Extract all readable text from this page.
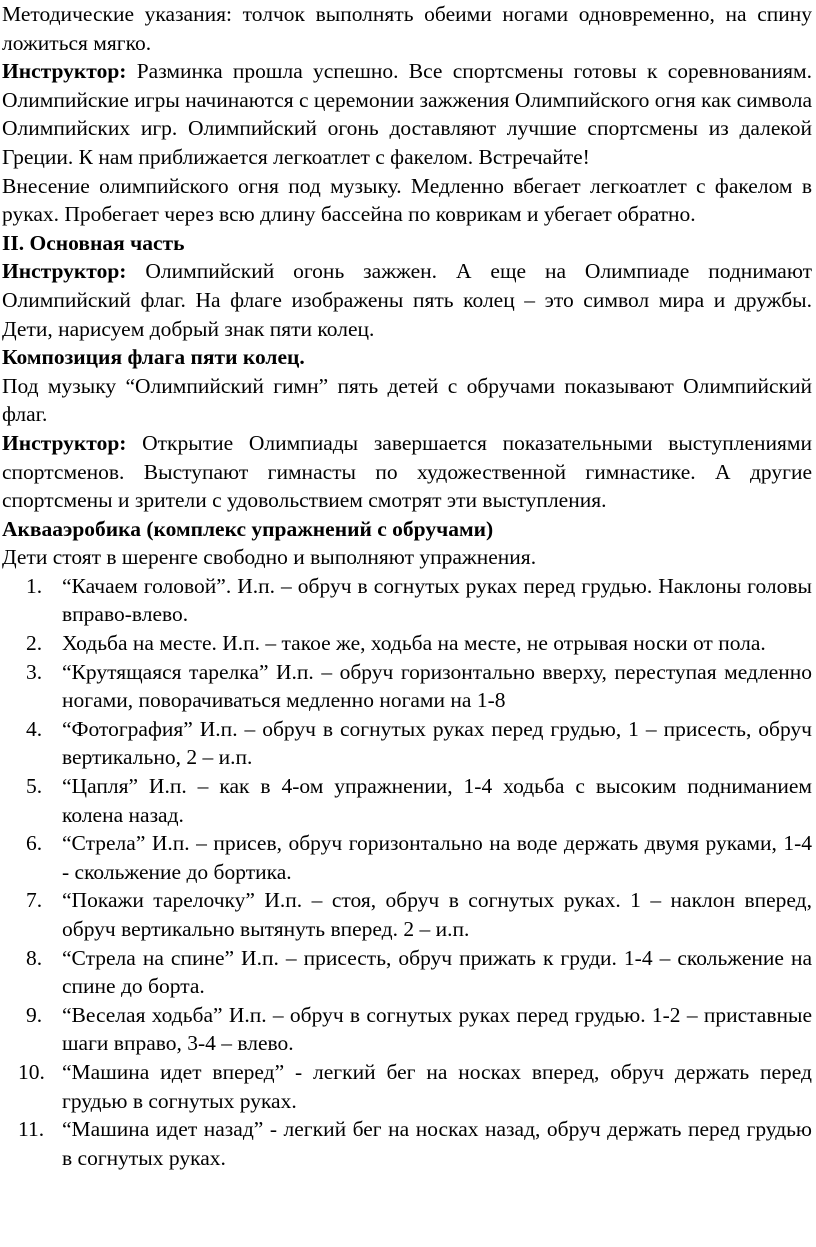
Методические указания: толчок выполнять обеими ногами одновременно, на спину ложиться мягко.

Инструктор: Разминка прошла успешно. Все спортсмены готовы к соревнованиям. Олимпийские игры начинаются с церемонии зажжения Олимпийского огня как символа Олимпийских игр. Олимпийский огонь доставляют лучшие спортсмены из далекой Греции. К нам приближается легкоатлет с факелом. Встречайте!

Внесение олимпийского огня под музыку. Медленно вбегает легкоатлет с факелом в руках. Пробегает через всю длину бассейна по коврикам и убегает обратно.

II. Основная часть

Инструктор: Олимпийский огонь зажжен. А еще на Олимпиаде поднимают Олимпийский флаг. На флаге изображены пять колец – это символ мира и дружбы. Дети, нарисуем добрый знак пяти колец.

Композиция флага пяти колец.

Под музыку “Олимпийский гимн” пять детей с обручами показывают Олимпийский флаг.

Инструктор: Открытие Олимпиады завершается показательными выступлениями спортсменов. Выступают гимнасты по художественной гимнастике. А другие спортсмены и зрители с удовольствием смотрят эти выступления.

Аквааэробика (комплекс упражнений с обручами)

Дети стоят в шеренге свободно и выполняют упражнения.

1. “Качаем головой”. И.п. – обруч в согнутых руках перед грудью. Наклоны головы вправо-влево.
2. Ходьба на месте. И.п. – такое же, ходьба на месте, не отрывая носки от пола.
3. “Крутящаяся тарелка” И.п. – обруч горизонтально вверху, переступая медленно ногами, поворачиваться медленно ногами на 1-8
4. “Фотография” И.п. – обруч в согнутых руках перед грудью, 1 – присесть, обруч вертикально, 2 – и.п.
5. “Цапля” И.п. – как в 4-ом упражнении, 1-4 ходьба с высоким подниманием колена назад.
6. “Стрела” И.п. – присев, обруч горизонтально на воде держать двумя руками, 1-4 - скольжение до бортика.
7. “Покажи тарелочку” И.п. – стоя, обруч в согнутых руках. 1 – наклон вперед, обруч вертикально вытянуть вперед. 2 – и.п.
8. “Стрела на спине” И.п. – присесть, обруч прижать к груди. 1-4 – скольжение на спине до борта.
9. “Веселая ходьба” И.п. – обруч в согнутых руках перед грудью. 1-2 – приставные шаги вправо, 3-4 – влево.
10. “Машина идет вперед” - легкий бег на носках вперед, обруч держать перед грудью в согнутых руках.
11. “Машина идет назад” - легкий бег на носках назад, обруч держать перед грудью в согнутых руках.
